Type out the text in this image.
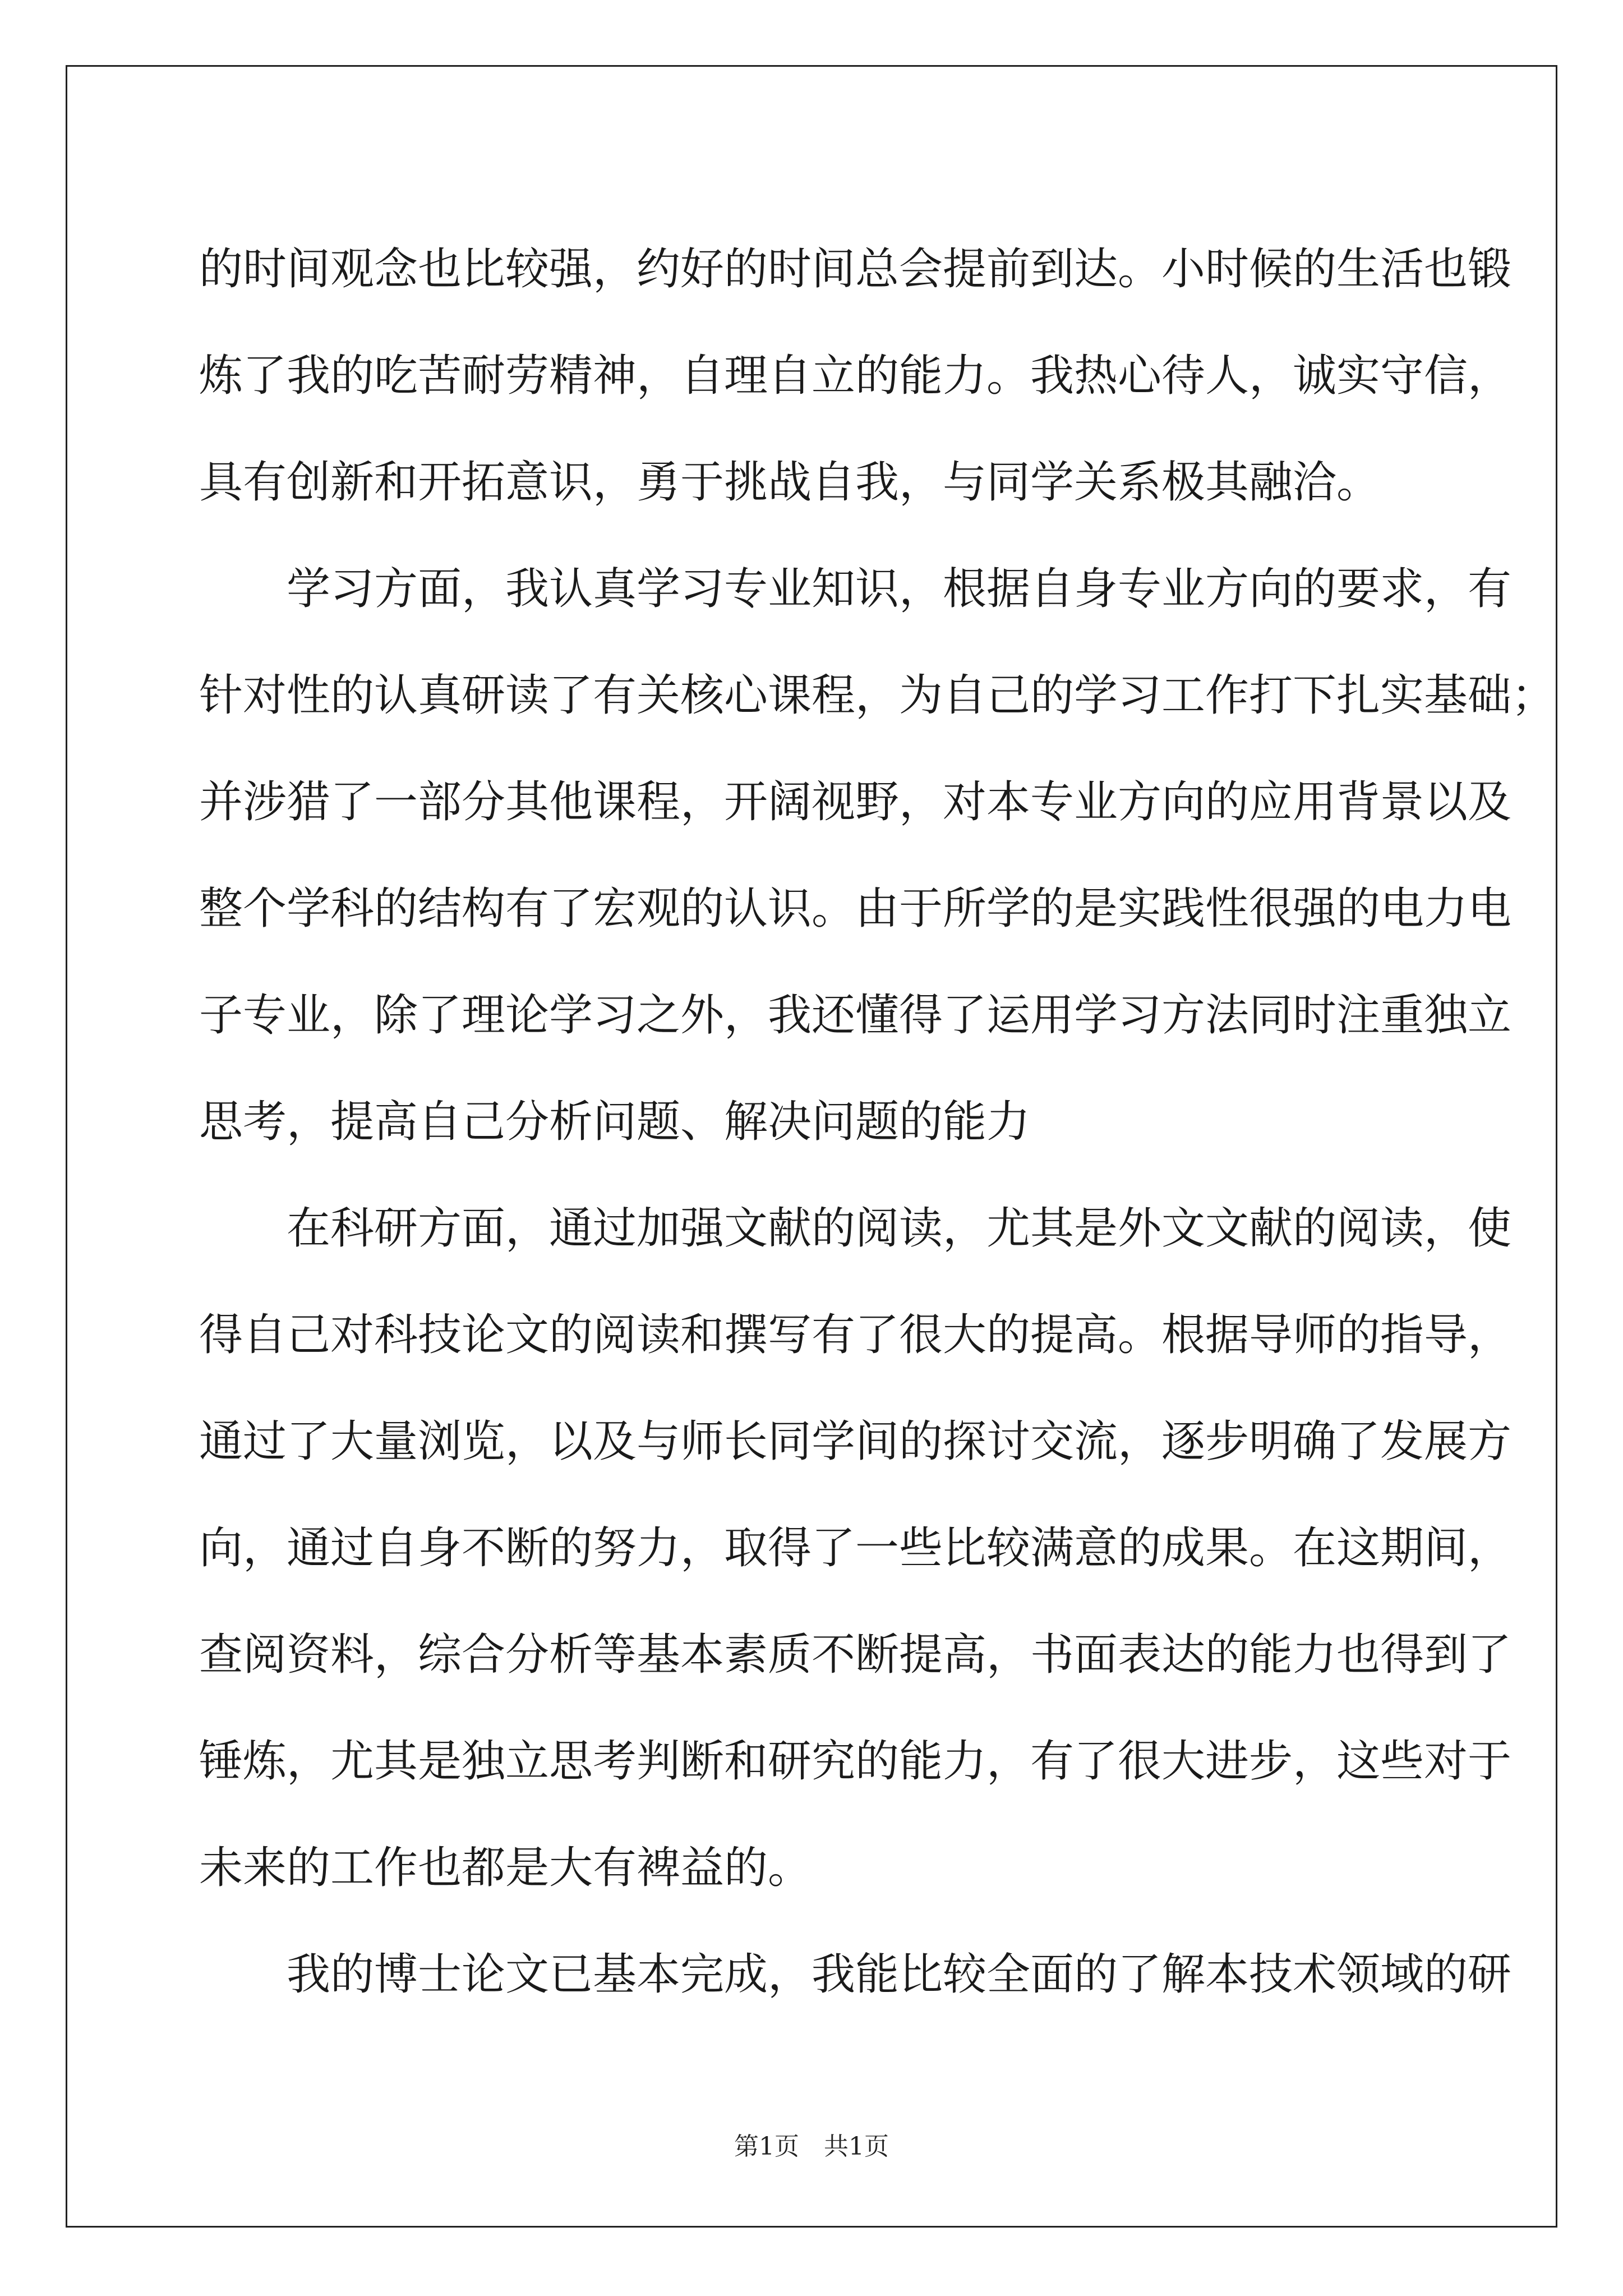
的时间观念也比较强，约好的时间总会提前到达。小时候的生活也锻
炼了我的吃苦耐劳精神，自理自立的能力。我热心待人，诚实守信，
具有创新和开拓意识，勇于挑战自我，与同学关系极其融洽。
学习方面，我认真学习专业知识，根据自身专业方向的要求，有
针对性的认真研读了有关核心课程，为自己的学习工作打下扎实基础；
并涉猎了一部分其他课程，开阔视野，对本专业方向的应用背景以及
整个学科的结构有了宏观的认识。由于所学的是实践性很强的电力电
子专业，除了理论学习之外，我还懂得了运用学习方法同时注重独立
思考，提高自己分析问题、解决问题的能力
在科研方面，通过加强文献的阅读，尤其是外文文献的阅读，使
得自己对科技论文的阅读和撰写有了很大的提高。根据导师的指导，
通过了大量浏览，以及与师长同学间的探讨交流，逐步明确了发展方
向，通过自身不断的努力，取得了一些比较满意的成果。在这期间，
查阅资料，综合分析等基本素质不断提高，书面表达的能力也得到了
锤炼，尤其是独立思考判断和研究的能力，有了很大进步，这些对于
未来的工作也都是大有裨益的。
我的博士论文已基本完成，我能比较全面的了解本技术领域的研
第1页　共1页
